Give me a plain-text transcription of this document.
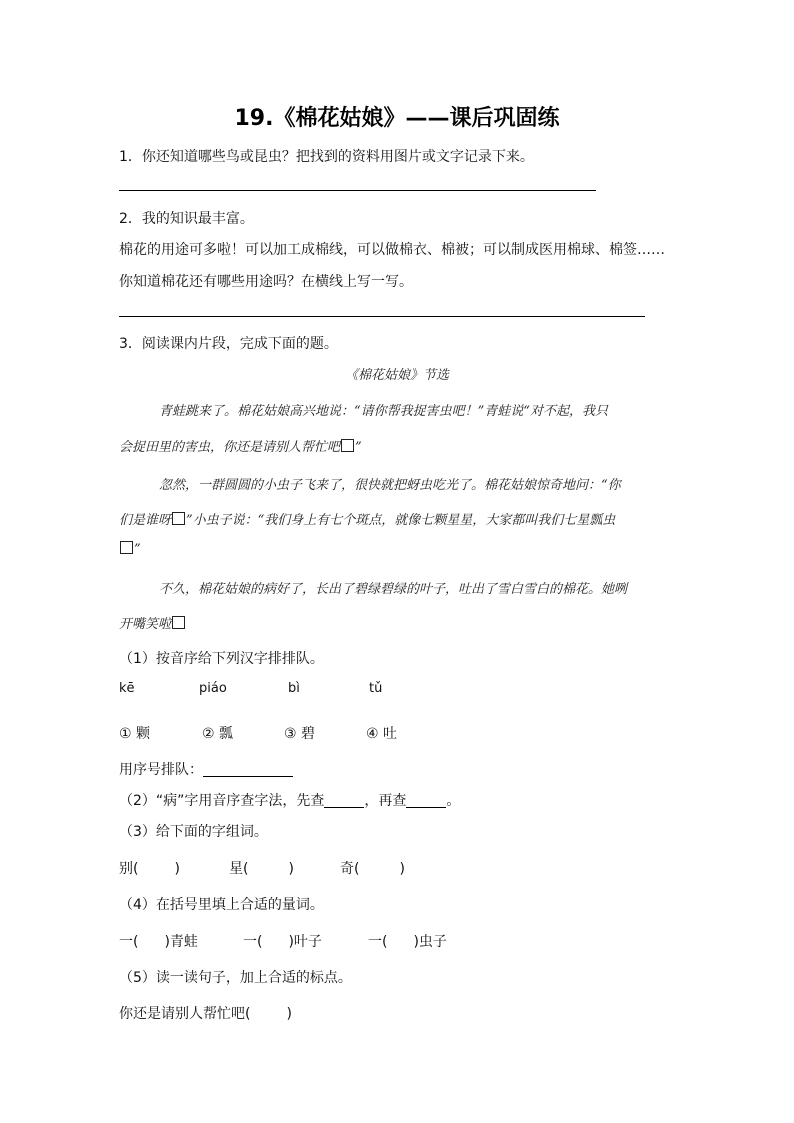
19.《棉花姑娘》——课后巩固练
1．你还知道哪些鸟或昆虫？把找到的资料用图片或文字记录下来。
2．我的知识最丰富。
棉花的用途可多啦！可以加工成棉线，可以做棉衣、棉被；可以制成医用棉球、棉签……
你知道棉花还有哪些用途吗？在横线上写一写。
3．阅读课内片段，完成下面的题。
《棉花姑娘》节选
青蛙跳来了。棉花姑娘高兴地说：“请你帮我捉害虫吧！”青蛙说“对不起，我只
会捉田里的害虫，你还是请别人帮忙吧 ”
忽然，一群圆圆的小虫子飞来了，很快就把蚜虫吃光了。棉花姑娘惊奇地问：“你
们是谁呀 ”小虫子说：“我们身上有七个斑点，就像七颗星星，大家都叫我们七星瓢虫
”
不久，棉花姑娘的病好了，长出了碧绿碧绿的叶子，吐出了雪白雪白的棉花。她咧
开嘴笑啦
（1）按音序给下列汉字排排队。
kē	piáo	bì	tǔ
① 颗	② 瓢	③ 碧	④ 吐
用序号排队：
（2）“病”字用音序查字法，先查	，再查	。
（3）给下面的字组词。
别(	)	星(	)	奇(	)
（4）在括号里填上合适的量词。
一( )青蛙	一( )叶子	一( )虫子
（5）读一读句子，加上合适的标点。
你还是请别人帮忙吧(	)
